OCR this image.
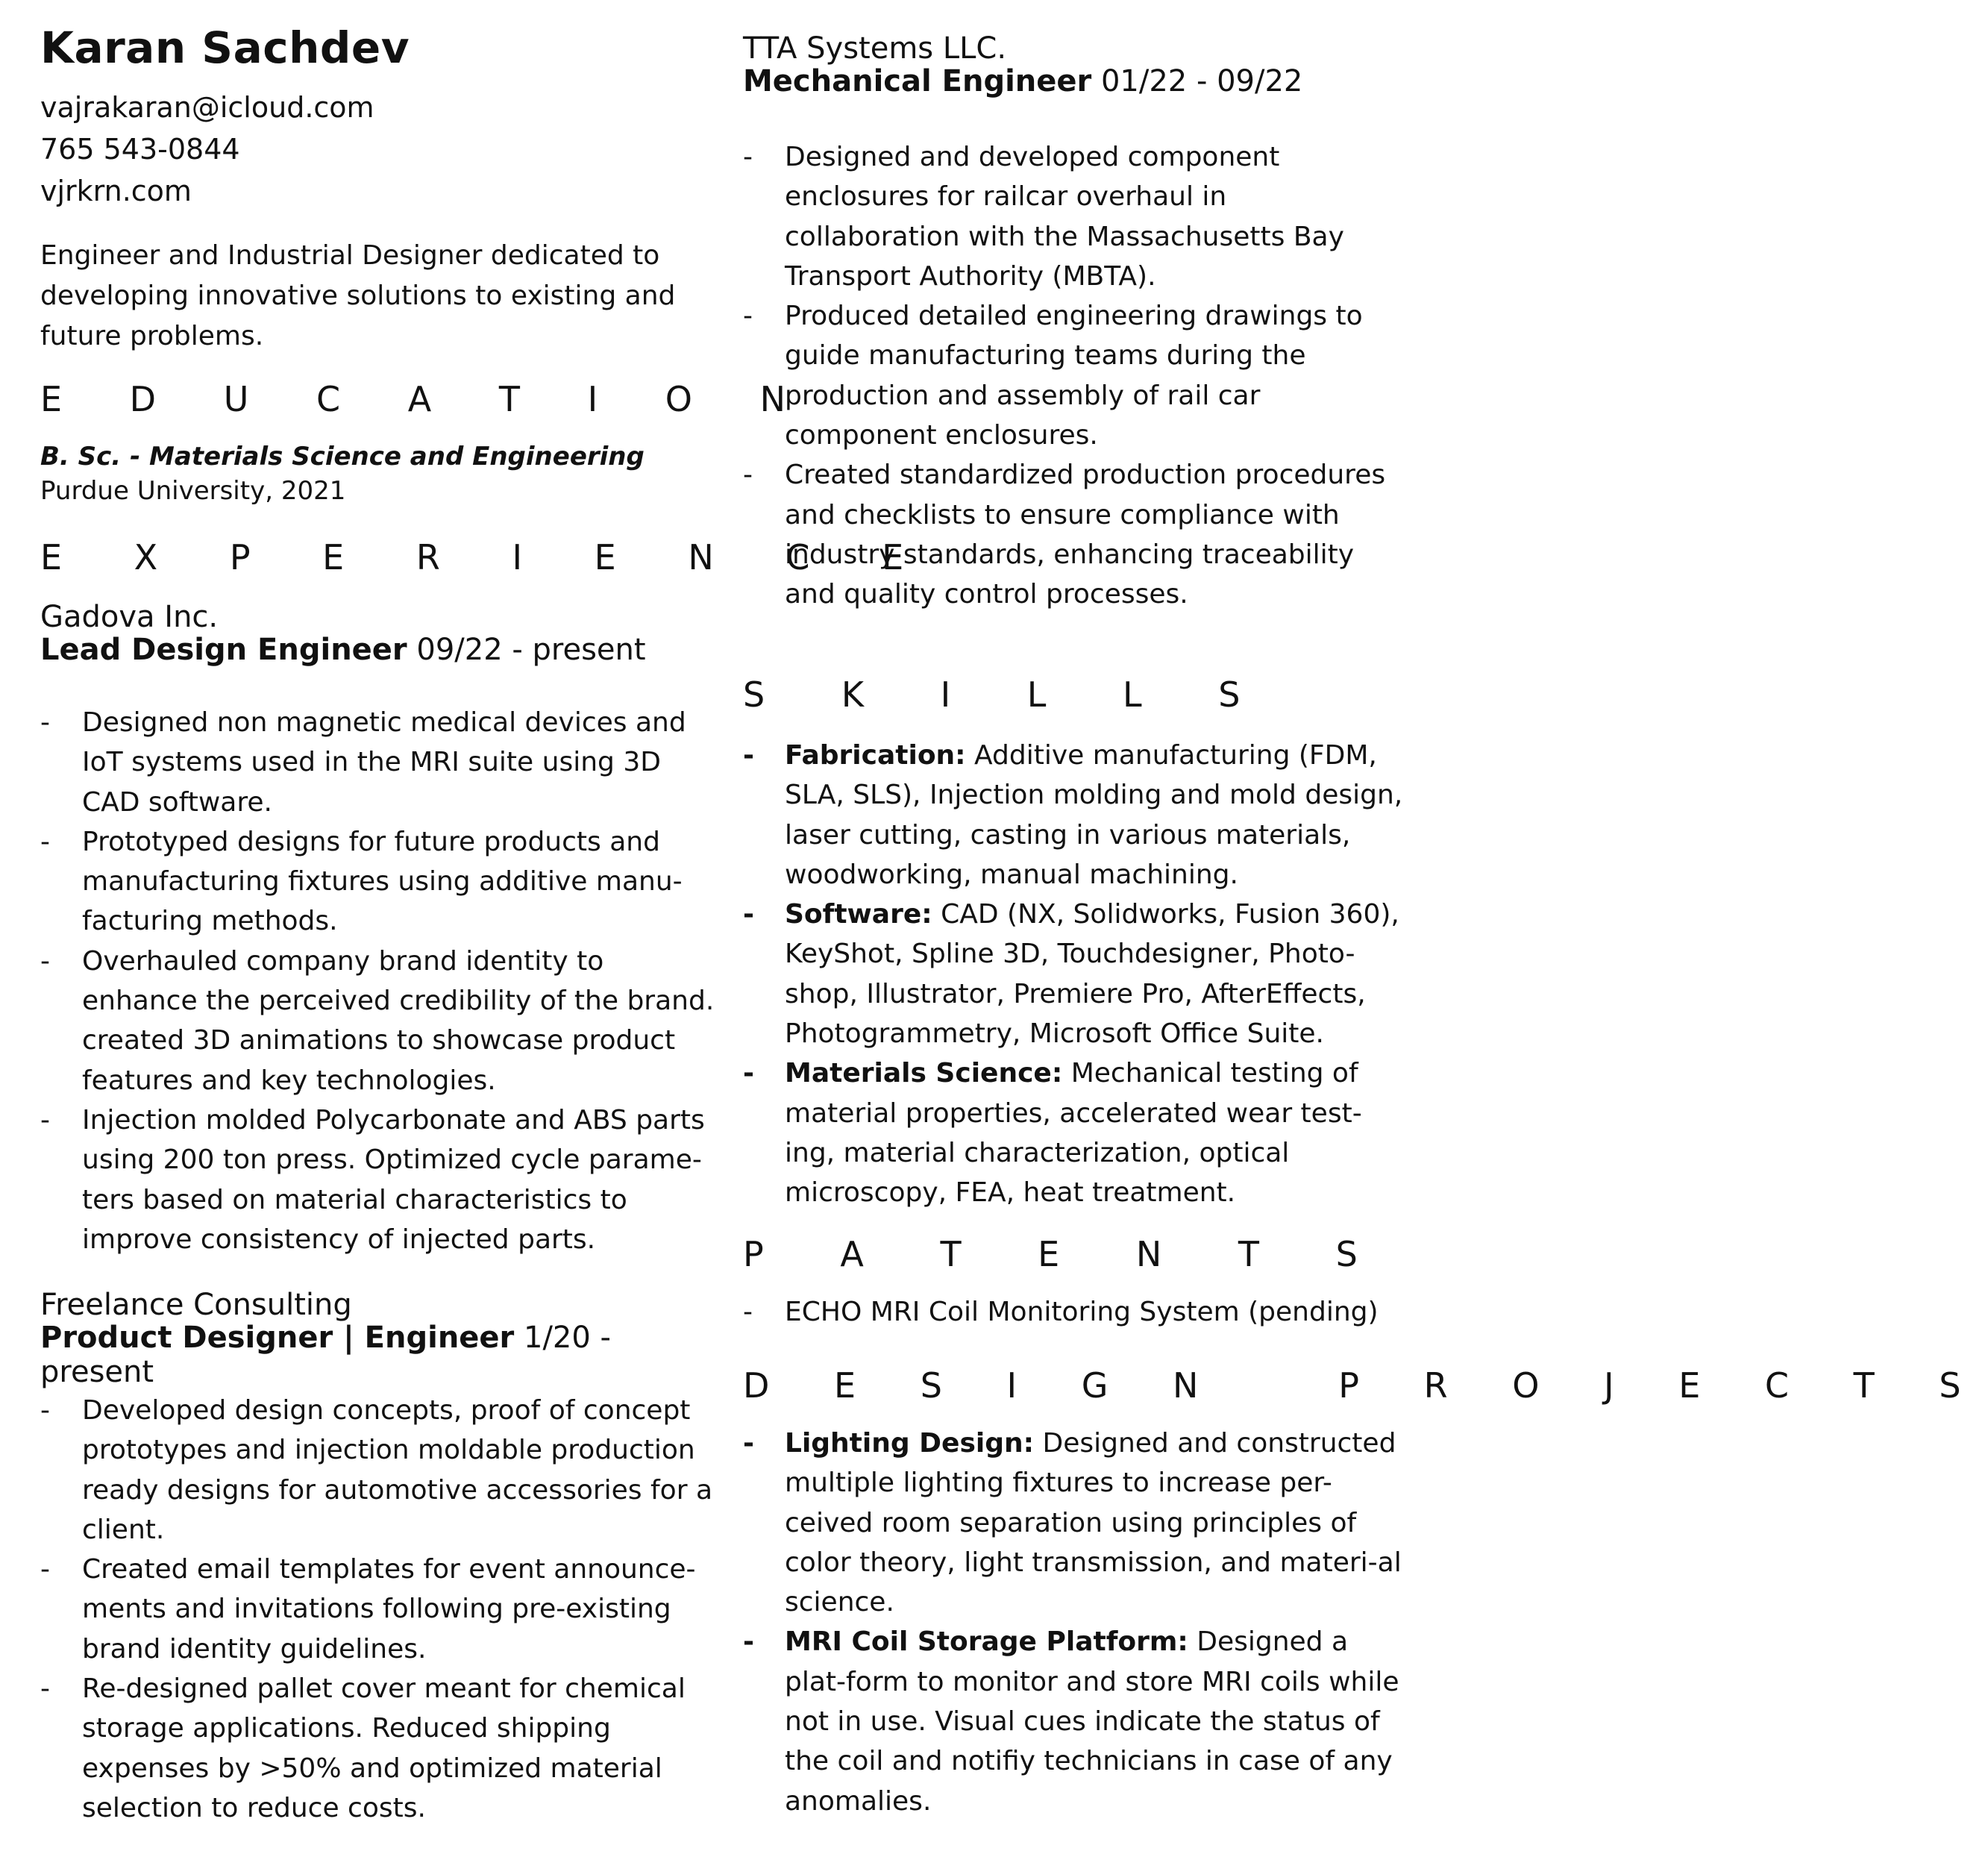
Karan Sachdev
vajrakaran@icloud.com
765 543-0844
vjrkrn.com
Engineer and Industrial Designer dedicated to developing innovative solutions to existing and future problems.
E D U C A T I O N
B. Sc. - Materials Science and Engineering
Purdue University, 2021
E X P E R I E N C E
Gadova Inc.
Lead Design Engineer 09/22 - present
- Designed non magnetic medical devices and IoT systems used in the MRI suite using 3D CAD software.
- Prototyped designs for future products and manufacturing fixtures using additive manu-facturing methods.
- Overhauled company brand identity to enhance the perceived credibility of the brand. created 3D animations to showcase product features and key technologies.
- Injection molded Polycarbonate and ABS parts using 200 ton press. Optimized cycle parame-ters based on material characteristics to improve consistency of injected parts.
Freelance Consulting
Product Designer | Engineer 1/20 - present
- Developed design concepts, proof of concept prototypes and injection moldable production ready designs for automotive accessories for a client.
- Created email templates for event announce-ments and invitations following pre-existing brand identity guidelines.
- Re-designed pallet cover meant for chemical storage applications. Reduced shipping expenses by >50% and optimized material selection to reduce costs.
TTA Systems LLC.
Mechanical Engineer 01/22 - 09/22
- Designed and developed component enclosures for railcar overhaul in collaboration with the Massachusetts Bay Transport Authority (MBTA).
- Produced detailed engineering drawings to guide manufacturing teams during the production and assembly of rail car component enclosures.
- Created standardized production procedures and checklists to ensure compliance with industry standards, enhancing traceability and quality control processes.
S K I L L S
- Fabrication: Additive manufacturing (FDM, SLA, SLS), Injection molding and mold design, laser cutting, casting in various materials, woodworking, manual machining.
- Software: CAD (NX, Solidworks, Fusion 360), KeyShot, Spline 3D, Touchdesigner, Photo-shop, Illustrator, Premiere Pro, AfterEffects, Photogrammetry, Microsoft Office Suite.
- Materials Science: Mechanical testing of material properties, accelerated wear test-ing, material characterization, optical microscopy, FEA, heat treatment.
P A T E N T S
- ECHO MRI Coil Monitoring System (pending)
D E S I G N   P R O J E C T S
- Lighting Design: Designed and constructed multiple lighting fixtures to increase per-ceived room separation using principles of color theory, light transmission, and materi-al science.
- MRI Coil Storage Platform: Designed a plat-form to monitor and store MRI coils while not in use. Visual cues indicate the status of the coil and notifiy technicians in case of any anomalies.
